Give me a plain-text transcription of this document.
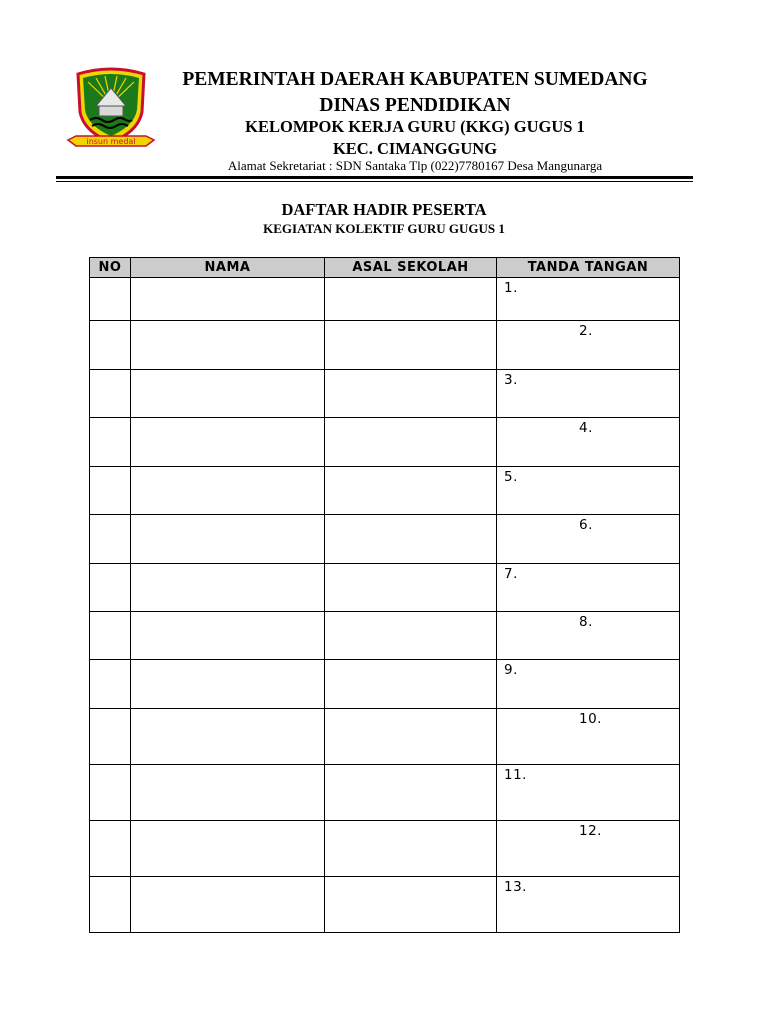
insun medal
PEMERINTAH DAERAH KABUPATEN SUMEDANG
DINAS PENDIDIKAN
KELOMPOK KERJA GURU (KKG) GUGUS 1
KEC. CIMANGGUNG
Alamat Sekretariat : SDN Santaka Tlp (022)7780167 Desa Mangunarga
DAFTAR HADIR PESERTA
KEGIATAN KOLEKTIF GURU GUGUS 1
NO	NAMA	ASAL SEKOLAH	TANDA TANGAN

			1.

			2.

			3.

			4.

			5.

			6.

			7.

			8.

			9.

			10.

			11.

			12.

			13.
